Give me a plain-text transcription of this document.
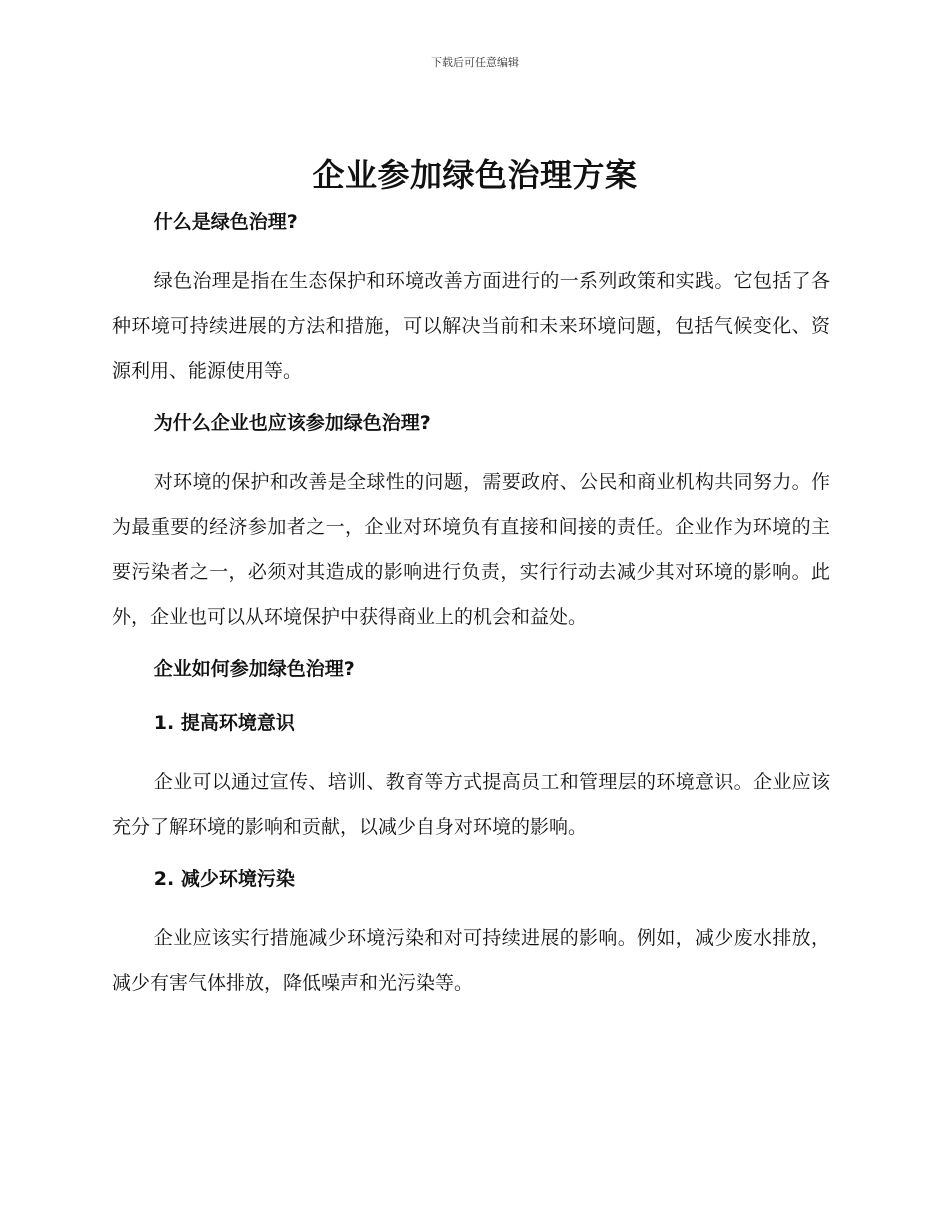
下载后可任意编辑
企业参加绿色治理方案

什么是绿色治理?

绿色治理是指在生态保护和环境改善方面进行的一系列政策和实践。它包括了各种环境可持续进展的方法和措施，可以解决当前和未来环境问题，包括气候变化、资源利用、能源使用等。

为什么企业也应该参加绿色治理?

对环境的保护和改善是全球性的问题，需要政府、公民和商业机构共同努力。作为最重要的经济参加者之一，企业对环境负有直接和间接的责任。企业作为环境的主要污染者之一，必须对其造成的影响进行负责，实行行动去减少其对环境的影响。此外，企业也可以从环境保护中获得商业上的机会和益处。

企业如何参加绿色治理?

1. 提高环境意识

企业可以通过宣传、培训、教育等方式提高员工和管理层的环境意识。企业应该充分了解环境的影响和贡献，以减少自身对环境的影响。

2. 减少环境污染

企业应该实行措施减少环境污染和对可持续进展的影响。例如，减少废水排放，减少有害气体排放，降低噪声和光污染等。
